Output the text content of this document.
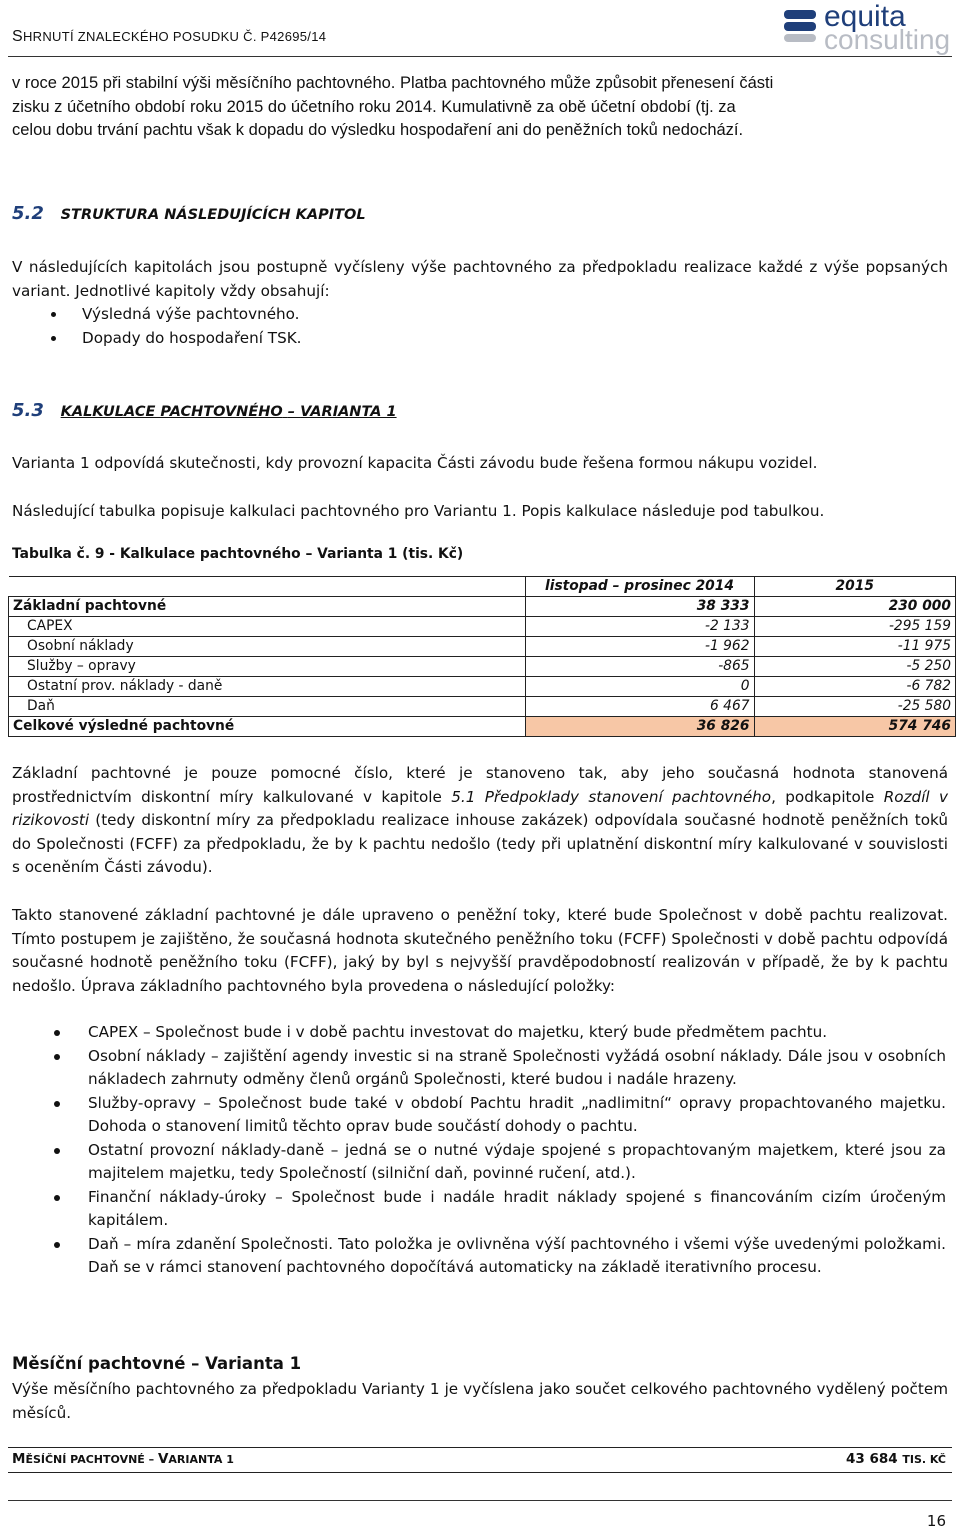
SHRNUTÍ ZNALECKÉHO POSUDKU Č. P42695/14
equita
consulting
v roce 2015 při stabilní výši měsíčního pachtovného. Platba pachtovného může způsobit přenesení části
zisku z účetního období roku 2015 do účetního roku 2014. Kumulativně za obě účetní období (tj. za
celou dobu trvání pachtu však k dopadu do výsledku hospodaření ani do peněžních toků nedochází.
5.2 STRUKTURA NÁSLEDUJÍCÍCH KAPITOL
V následujících kapitolách jsou postupně vyčísleny výše pachtovného za předpokladu realizace každé z výše popsaných variant. Jednotlivé kapitoly vždy obsahují:
Výsledná výše pachtovného.
Dopady do hospodaření TSK.
5.3 KALKULACE PACHTOVNÉHO – VARIANTA 1
Varianta 1 odpovídá skutečnosti, kdy provozní kapacita Části závodu bude řešena formou nákupu vozidel.
Následující tabulka popisuje kalkulaci pachtovného pro Variantu 1. Popis kalkulace následuje pod tabulkou.
Tabulka č. 9 - Kalkulace pachtovného – Varianta 1 (tis. Kč)
	listopad – prosinec 2014	2015
Základní pachtovné	38 333	230 000
CAPEX	-2 133	-295 159
Osobní náklady	-1 962	-11 975
Služby – opravy	-865	-5 250
Ostatní prov. náklady - daně	0	-6 782
Daň	6 467	-25 580
Celkové výsledné pachtovné	36 826	574 746
Základní pachtovné je pouze pomocné číslo, které je stanoveno tak, aby jeho současná hodnota stanovená prostřednictvím diskontní míry kalkulované v kapitole 5.1 Předpoklady stanovení pachtovného, podkapitole Rozdíl v rizikovosti (tedy diskontní míry za předpokladu realizace inhouse zakázek) odpovídala současné hodnotě peněžních toků do Společnosti (FCFF) za předpokladu, že by k pachtu nedošlo (tedy při uplatnění diskontní míry kalkulované v souvislosti s oceněním Části závodu).
Takto stanovené základní pachtovné je dále upraveno o peněžní toky, které bude Společnost v době pachtu realizovat. Tímto postupem je zajištěno, že současná hodnota skutečného peněžního toku (FCFF) Společnosti v době pachtu odpovídá současné hodnotě peněžního toku (FCFF), jaký by byl s nejvyšší pravděpodobností realizován v případě, že by k pachtu nedošlo. Úprava základního pachtovného byla provedena o následující položky:
CAPEX – Společnost bude i v době pachtu investovat do majetku, který bude předmětem pachtu.
Osobní náklady – zajištění agendy investic si na straně Společnosti vyžádá osobní náklady. Dále jsou v osobních nákladech zahrnuty odměny členů orgánů Společnosti, které budou i nadále hrazeny.
Služby-opravy – Společnost bude také v období Pachtu hradit „nadlimitní“ opravy propachtovaného majetku. Dohoda o stanovení limitů těchto oprav bude součástí dohody o pachtu.
Ostatní provozní náklady-daně – jedná se o nutné výdaje spojené s propachtovaným majetkem, které jsou za majitelem majetku, tedy Společností (silniční daň, povinné ručení, atd.).
Finanční náklady-úroky – Společnost bude i nadále hradit náklady spojené s financováním cizím úročeným kapitálem.
Daň – míra zdanění Společnosti. Tato položka je ovlivněna výší pachtovného i všemi výše uvedenými položkami. Daň se v rámci stanovení pachtovného dopočítává automaticky na základě iterativního procesu.
Měsíční pachtovné – Varianta 1
Výše měsíčního pachtovného za předpokladu Varianty 1 je vyčíslena jako součet celkového pachtovného vydělený počtem měsíců.
MĚSÍČNÍ PACHTOVNÉ – VARIANTA 1	43 684 TIS. KČ
16
